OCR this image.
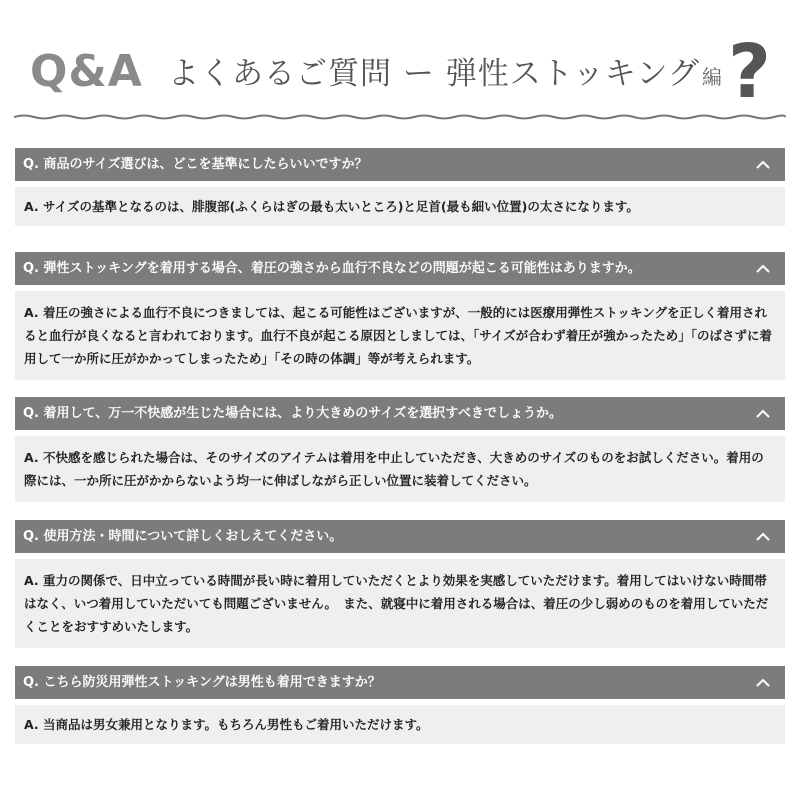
Q&A よくあるご質問 ー 弾性ストッキング 編 ?
Q. 商品のサイズ選びは、どこを基準にしたらいいですか？
A. サイズの基準となるのは、腓腹部(ふくらはぎの最も太いところ)と足首(最も細い位置)の太さになります。
Q. 弾性ストッキングを着用する場合、着圧の強さから血行不良などの問題が起こる可能性はありますか。
A. 着圧の強さによる血行不良につきましては、起こる可能性はございますが、一般的には医療用弾性ストッキングを正しく着用されると血行が良くなると言われております。血行不良が起こる原因としましては、「サイズが合わず着圧が強かったため」「のばさずに着用して一か所に圧がかかってしまったため」「その時の体調」等が考えられます。
Q. 着用して、万一不快感が生じた場合には、より大きめのサイズを選択すべきでしょうか。
A. 不快感を感じられた場合は、そのサイズのアイテムは着用を中止していただき、大きめのサイズのものをお試しください。着用の際には、一か所に圧がかからないよう均一に伸ばしながら正しい位置に装着してください。
Q. 使用方法・時間について詳しくおしえてください。
A. 重力の関係で、日中立っている時間が長い時に着用していただくとより効果を実感していただけます。着用してはいけない時間帯はなく、いつ着用していただいても問題ございません。　また、就寝中に着用される場合は、着圧の少し弱めのものを着用していただくことをおすすめいたします。
Q. こちら防災用弾性ストッキングは男性も着用できますか？
A. 当商品は男女兼用となります。もちろん男性もご着用いただけます。
